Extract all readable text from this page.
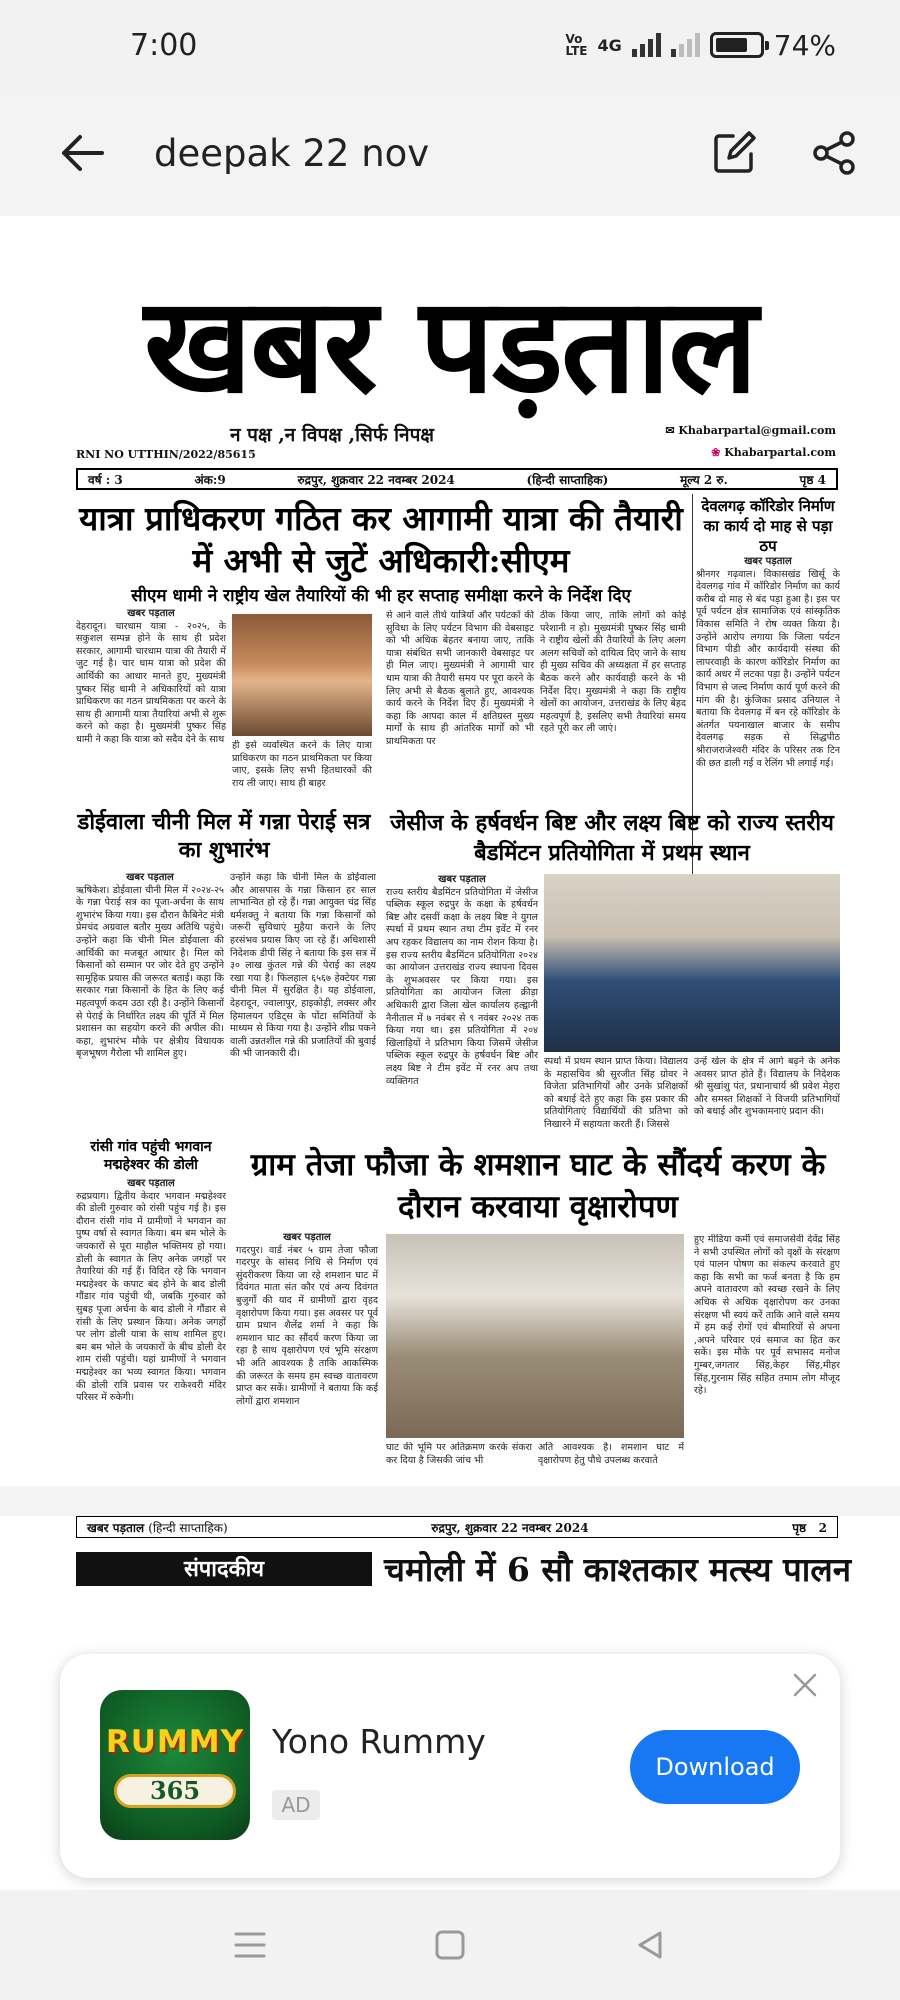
7:00	Vo
LTE 4G	74%
deepak 22 nov
खबर पड़ताल
न पक्ष ,न विपक्ष ,सिर्फ निपक्ष	✉ Khabarpartal@gmail.com
❀ Khabarpartal.com
RNI NO UTTHIN/2022/85615
वर्ष : 3	अंक:9	रुद्रपुर, शुक्रवार 22 नवम्बर 2024	(हिन्दी साप्ताहिक)	मूल्य 2 रु.	पृष्ठ 4
यात्रा प्राधिकरण गठित कर आगामी यात्रा की तैयारी में अभी से जुटें अधिकारी:सीएम
सीएम धामी ने राष्ट्रीय खेल तैयारियों की भी हर सप्ताह समीक्षा करने के निर्देश दिए
खबर पड़ताल
देहरादून। चारधाम यात्रा - २०२५, के सकुशल सम्पन्न होने के साथ ही प्रदेश सरकार, आगामी चारधाम यात्रा की तैयारी में जुट गई है। चार धाम यात्रा को प्रदेश की आर्थिकी का आधार मानते हुए, मुख्यमंत्री पुष्कर सिंह धामी ने अधिकारियों को यात्रा प्राधिकरण का गठन प्राथमिकता पर करने के साथ ही आगामी यात्रा तैयारियां अभी से शुरू करने को कहा है। मुख्यमंत्री पुष्कर सिंह धामी ने कहा कि यात्रा को सदैव देने के साथ
ही इसे व्यवस्थित करने के लिए यात्रा प्राधिकरण का गठन प्राथमिकता पर किया जाए, इसके लिए सभी हितधारकों की राय ली जाए। साथ ही बाहर
से आने वाले तीर्थ यात्रियों और पर्यटकों की सुविधा के लिए पर्यटन विभाग की वेबसाइट को भी अधिक बेहतर बनाया जाए, ताकि यात्रा संबंधित सभी जानकारी वेबसाइट पर ही मिल जाए। मुख्यमंत्री ने आगामी चार धाम यात्रा की तैयारी समय पर पूरा करने के लिए अभी से बैठक बुलाते हुए, आवश्यक कार्य करने के निर्देश दिए हैं। मुख्यमंत्री ने कहा कि आपदा काल में क्षतिग्रस्त मुख्य मार्गों के साथ ही आंतरिक मार्गों को भी प्राथमिकता पर
ठीक किया जाए, ताकि लोगों को कोई परेशानी न हो। मुख्यमंत्री पुष्कर सिंह धामी ने राष्ट्रीय खेलों की तैयारियों के लिए अलग अलग सचिवों को दायित्व दिए जाने के साथ ही मुख्य सचिव की अध्यक्षता में हर सप्ताह बैठक करने और कार्यवाही करने के भी निर्देश दिए। मुख्यमंत्री ने कहा कि राष्ट्रीय खेलों का आयोजन, उत्तराखंड के लिए बेहद महत्वपूर्ण है, इसलिए सभी तैयारियां समय रहते पूरी कर ली जाएं।
देवलगढ़ कॉरिडोर निर्माण का कार्य दो माह से पड़ा ठप
खबर पड़ताल
श्रीनगर गढ़वाल। विकासखंड खिर्सू के देवलगढ़ गांव में कॉरिडोर निर्माण का कार्य करीब दो माह से बंद पड़ा हुआ है। इस पर पूर्व पर्यटन क्षेत्र सामाजिक एवं सांस्कृतिक विकास समिति ने रोष व्यक्त किया है। उन्होंने आरोप लगाया कि जिला पर्यटन विभाग पीडी और कार्यदायी संस्था की लापरवाही के कारण कॉरिडोर निर्माण का कार्य अधर में लटका पड़ा है। उन्होंने पर्यटन विभाग से जल्द निर्माण कार्य पूर्ण करने की मांग की है। कुंजिका प्रसाद उनियाल ने बताया कि देवलगढ़ में बन रहे कॉरिडोर के अंतर्गत पयनाखाल बाजार के समीप देवलगढ़ सड़क से सिद्धपीठ श्रीराजराजेश्वरी मंदिर के परिसर तक टिन की छत डाली गई व रेलिंग भी लगाई गई।
डोईवाला चीनी मिल में गन्ना पेराई सत्र का शुभारंभ
खबर पड़ताल
ऋषिकेश। डोईवाला चीनी मिल में २०२४-२५ के गन्ना पेराई सत्र का पूजा-अर्चना के साथ शुभारंभ किया गया। इस दौरान कैबिनेट मंत्री प्रेमचंद अग्रवाल बतौर मुख्य अतिथि पहुंचे। उन्होंने कहा कि चीनी मिल डोईवाला की आर्थिकी का मजबूत आधार है। मिल को किसानों को सम्मान पर जोर देते हुए उन्होंने सामूहिक प्रयास की जरूरत बताई। कहा कि सरकार गन्ना किसानों के हित के लिए कई महत्वपूर्ण कदम उठा रही है। उन्होंने किसानों से पेराई के निर्धारित लक्ष्य की पूर्ति में मिल प्रशासन का सहयोग करने की अपील की। कहा, शुभारंभ मौके पर क्षेत्रीय विधायक बृजभूषण गैरोला भी शामिल हुए।
उन्होंने कहा कि चीनी मिल के डोईवाला और आसपास के गन्ना किसान हर साल लाभान्वित हो रहे हैं। गन्ना आयुक्त चंद्र सिंह धर्मशक्तु ने बताया कि गन्ना किसानों को जरूरी सुविधाएं मुहैया कराने के लिए हरसंभव प्रयास किए जा रहे हैं। अधिशासी निदेशक डीपी सिंह ने बताया कि इस सत्र में ३० लाख कुंतल गन्ने की पेराई का लक्ष्य रखा गया है। फिलहाल ६५६७ हेक्टेयर गन्ना चीनी मिल में सुरक्षित है। यह डोईवाला, देहरादून, ज्वालापुर, हाइकोड़ी, लक्सर और हिमालयन एडिट्स के पोंटा समितियों के माध्यम से किया गया है। उन्होंने शीघ्र पकने वाली उन्नतशील गन्ने की प्रजातियों की बुवाई की भी जानकारी दी।
जेसीज के हर्षवर्धन बिष्ट और लक्ष्य बिष्ट को राज्य स्तरीय बैडमिंटन प्रतियोगिता में प्रथम स्थान
खबर पड़ताल
राज्य स्तरीय बैडमिंटन प्रतियोगिता में जेसीज पब्लिक स्कूल रुद्रपुर के कक्षा के हर्षवर्धन बिष्ट और दसवीं कक्षा के लक्ष्य बिष्ट ने युगल स्पर्धा में प्रथम स्थान तथा टीम इवेंट में रनर अप रहकर विद्यालय का नाम रोशन किया है। इस राज्य स्तरीय बैडमिंटन प्रतियोगिता २०२४ का आयोजन उत्तराखंड राज्य स्थापना दिवस के शुभअवसर पर किया गया। इस प्रतियोगिता का आयोजन जिला क्रीड़ा अधिकारी द्वारा जिला खेल कार्यालय हल्द्वानी नैनीताल में ७ नवंबर से ९ नवंबर २०२४ तक किया गया था। इस प्रतियोगिता में २०४ खिलाड़ियों ने प्रतिभाग किया जिसमें जेसीज पब्लिक स्कूल रुद्रपुर के हर्षवर्धन बिष्ट और लक्ष्य बिष्ट ने टीम इवेंट में रनर अप तथा व्यक्तिगत
स्पर्धा में प्रथम स्थान प्राप्त किया। विद्यालय के महासचिव श्री सुरजीत सिंह ग्रोवर ने विजेता प्रतिभागियों और उनके प्रशिक्षकों को बधाई देते हुए कहा कि इस प्रकार की प्रतियोगिताएं विद्यार्थियों की प्रतिभा को निखारने में सहायता करती हैं। जिससे
उन्हें खेल के क्षेत्र में आगे बढ़ने के अनेक अवसर प्राप्त होते हैं। विद्यालय के निदेशक श्री सुखांशु पंत, प्रधानाचार्य श्री प्रवेश मेहरा और समस्त शिक्षकों ने विजयी प्रतिभागियों को बधाई और शुभकामनाएं प्रदान की।
रांसी गांव पहुंची भगवान मद्महेश्वर की डोली
खबर पड़ताल
रुद्रप्रयाग। द्वितीय केदार भगवान मद्महेश्वर की डोली गुरुवार को रांसी पहुंच गई है। इस दौरान रांसी गांव में ग्रामीणों ने भगवान का पुष्प वर्षा से स्वागत किया। बम बम भोले के जयकारों से पूरा माहौल भक्तिमय हो गया। डोली के स्वागत के लिए अनेक जगहों पर तैयारियां की गई हैं। विदित रहे कि भगवान मद्महेश्वर के कपाट बंद होने के बाद डोली गौंडार गांव पहुंची थी, जबकि गुरुवार को सुबह पूजा अर्चना के बाद डोली ने गौंडार से रांसी के लिए प्रस्थान किया। अनेक जगहों पर लोग डोली यात्रा के साथ शामिल हुए। बम बम भोले के जयकारों के बीच डोली देर शाम रांसी पहुंची। यहां ग्रामीणों ने भगवान मद्महेश्वर का भव्य स्वागत किया। भगवान की डोली रात्रि प्रवास पर राकेश्वरी मंदिर परिसर में रुकेगी।
ग्राम तेजा फौजा के शमशान घाट के सौंदर्य करण के दौरान करवाया वृक्षारोपण
खबर पड़ताल
गदरपुर। वार्ड नंबर ५ ग्राम तेजा फौजा गदरपुर के सांसद निधि से निर्माण एवं सुंदरीकरण किया जा रहे शमशान घाट में दिवंगत माता संत कौर एवं अन्य दिवंगत बुजुर्गों की याद में ग्रामीणों द्वारा वृहद वृक्षारोपण किया गया। इस अवसर पर पूर्व ग्राम प्रधान शैलेंद्र शर्मा ने कहा कि शमशान घाट का सौंदर्य करण किया जा रहा है साथ वृक्षारोपण एवं भूमि संरक्षण भी अति आवश्यक है ताकि आकस्मिक की जरूरत के समय हम स्वच्छ वातावरण प्राप्त कर सकें। ग्रामीणों ने बताया कि कई लोगों द्वारा शमशान
घाट की भूमि पर अतिक्रमण करके संकरा कर दिया है जिसकी जांच भी
अति आवश्यक है। शमशान घाट में वृक्षारोपण हेतु पौधे उपलब्ध करवाते
हुए मीडिया कर्मी एवं समाजसेवी देवेंद्र सिंह ने सभी उपस्थित लोगों को वृक्षों के संरक्षण एवं पालन पोषण का संकल्प करवाते हुए कहा कि सभी का फर्ज बनता है कि हम अपने वातावरण को स्वच्छ रखने के लिए अधिक से अधिक वृक्षारोपण कर उनका संरक्षण भी स्वयं करें ताकि आने वाले समय में हम कई रोगों एवं बीमारियों से अपना ,अपने परिवार एवं समाज का हित कर सकें। इस मौके पर पूर्व सभासद मनोज गुम्बर,जगतार सिंह,केहर सिंह,मीहर सिंह,गुरनाम सिंह सहित तमाम लोग मौजूद रहे।
खबर पड़ताल (हिन्दी साप्ताहिक)	रुद्रपुर, शुक्रवार 22 नवम्बर 2024	पृष्ठ 2
संपादकीय	चमोली में 6 सौ काश्तकार मत्स्य पालन
RUMMY
365
Yono Rummy
AD
Download
